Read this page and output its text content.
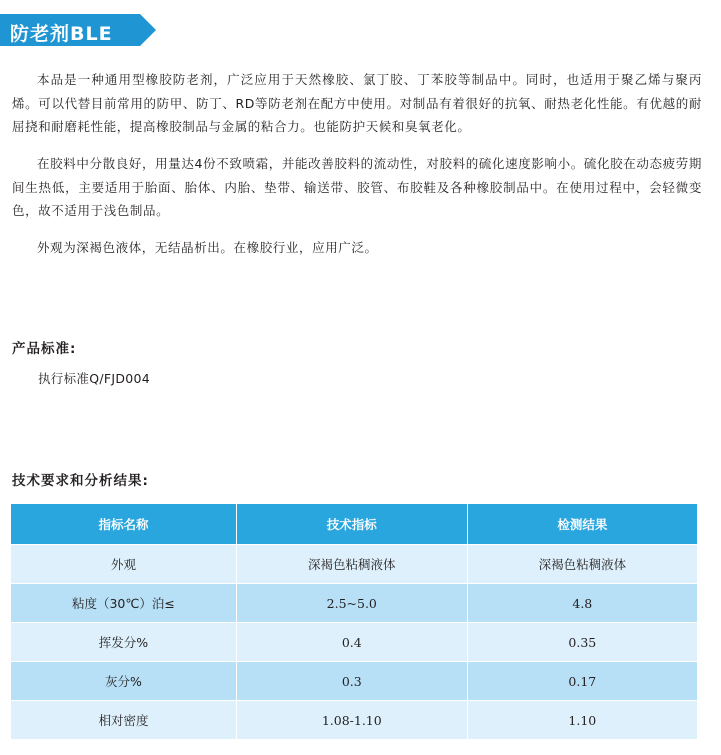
防老剂BLE

本品是一种通用型橡胶防老剂，广泛应用于天然橡胶、氯丁胶、丁苯胶等制品中。同时，也适用于聚乙烯与聚丙烯。可以代替目前常用的防甲、防丁、RD等防老剂在配方中使用。对制品有着很好的抗氧、耐热老化性能。有优越的耐屈挠和耐磨耗性能，提高橡胶制品与金属的粘合力。也能防护天候和臭氧老化。

在胶料中分散良好，用量达4份不致喷霜，并能改善胶料的流动性，对胶料的硫化速度影响小。硫化胶在动态疲劳期间生热低，主要适用于胎面、胎体、内胎、垫带、输送带、胶管、布胶鞋及各种橡胶制品中。在使用过程中，会轻微变色，故不适用于浅色制品。

外观为深褐色液体，无结晶析出。在橡胶行业，应用广泛。

产品标准:
执行标准Q/FJD004
技术要求和分析结果:
指标名称	技术指标	检测结果
外观	深褐色粘稠液体	深褐色粘稠液体
粘度（30℃）泊≤	2.5~5.0	4.8
挥发分%	0.4	0.35
灰分%	0.3	0.17
相对密度	1.08-1.10	1.10
